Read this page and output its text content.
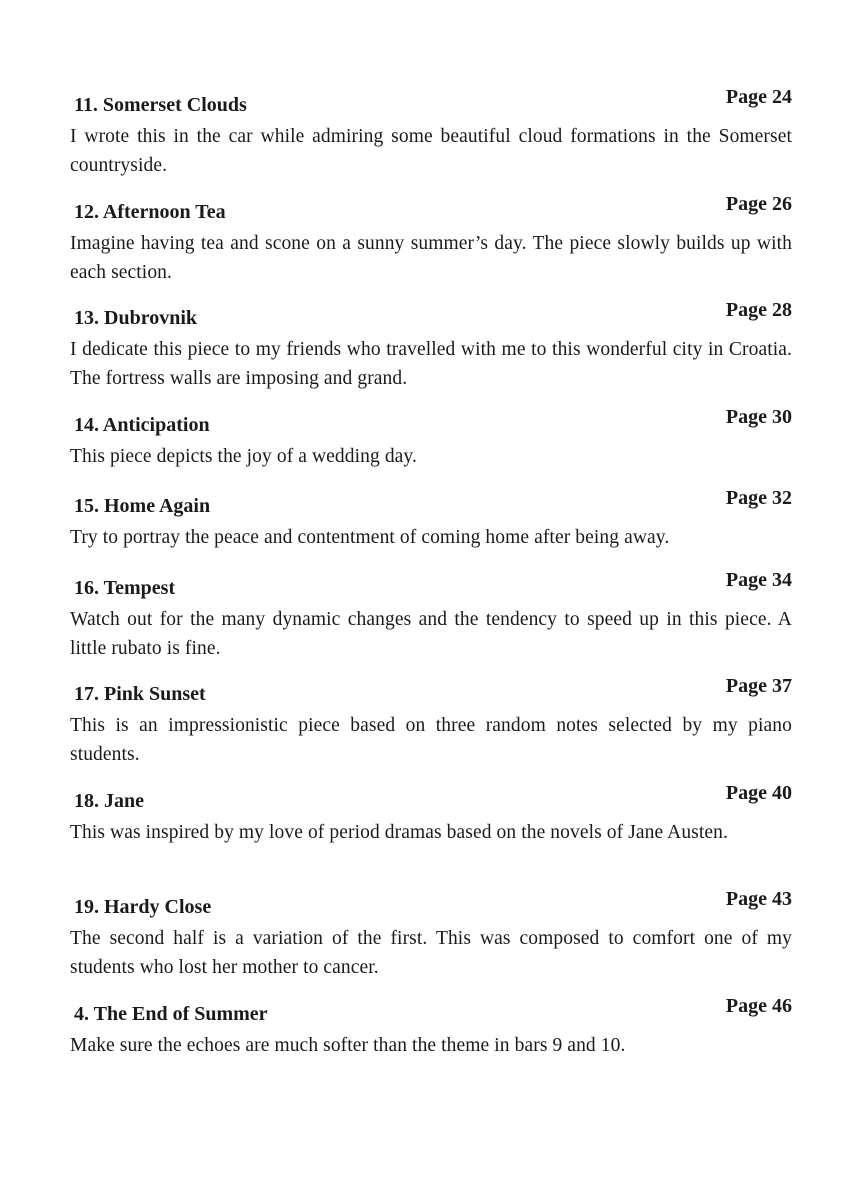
11. Somerset Clouds	Page 24

I wrote this in the car while admiring some beautiful cloud formations in the Somerset countryside.

12. Afternoon Tea	Page 26

Imagine having tea and scone on a sunny summer’s day. The piece slowly builds up with each section.

13. Dubrovnik	Page 28

I dedicate this piece to my friends who travelled with me to this wonderful city in Croatia. The fortress walls are imposing and grand.

14. Anticipation	Page 30

This piece depicts the joy of a wedding day.

15. Home Again	Page 32

Try to portray the peace and contentment of coming home after being away.

16. Tempest	Page 34

Watch out for the many dynamic changes and the tendency to speed up in this piece. A little rubato is fine.

17. Pink Sunset	Page 37

This is an impressionistic piece based on three random notes selected by my piano students.

18. Jane	Page 40

This was inspired by my love of period dramas based on the novels of Jane Austen.

19. Hardy Close	Page 43

The second half is a variation of the first. This was composed to comfort one of my students who lost her mother to cancer.

4. The End of Summer	Page 46

Make sure the echoes are much softer than the theme in bars 9 and 10.
